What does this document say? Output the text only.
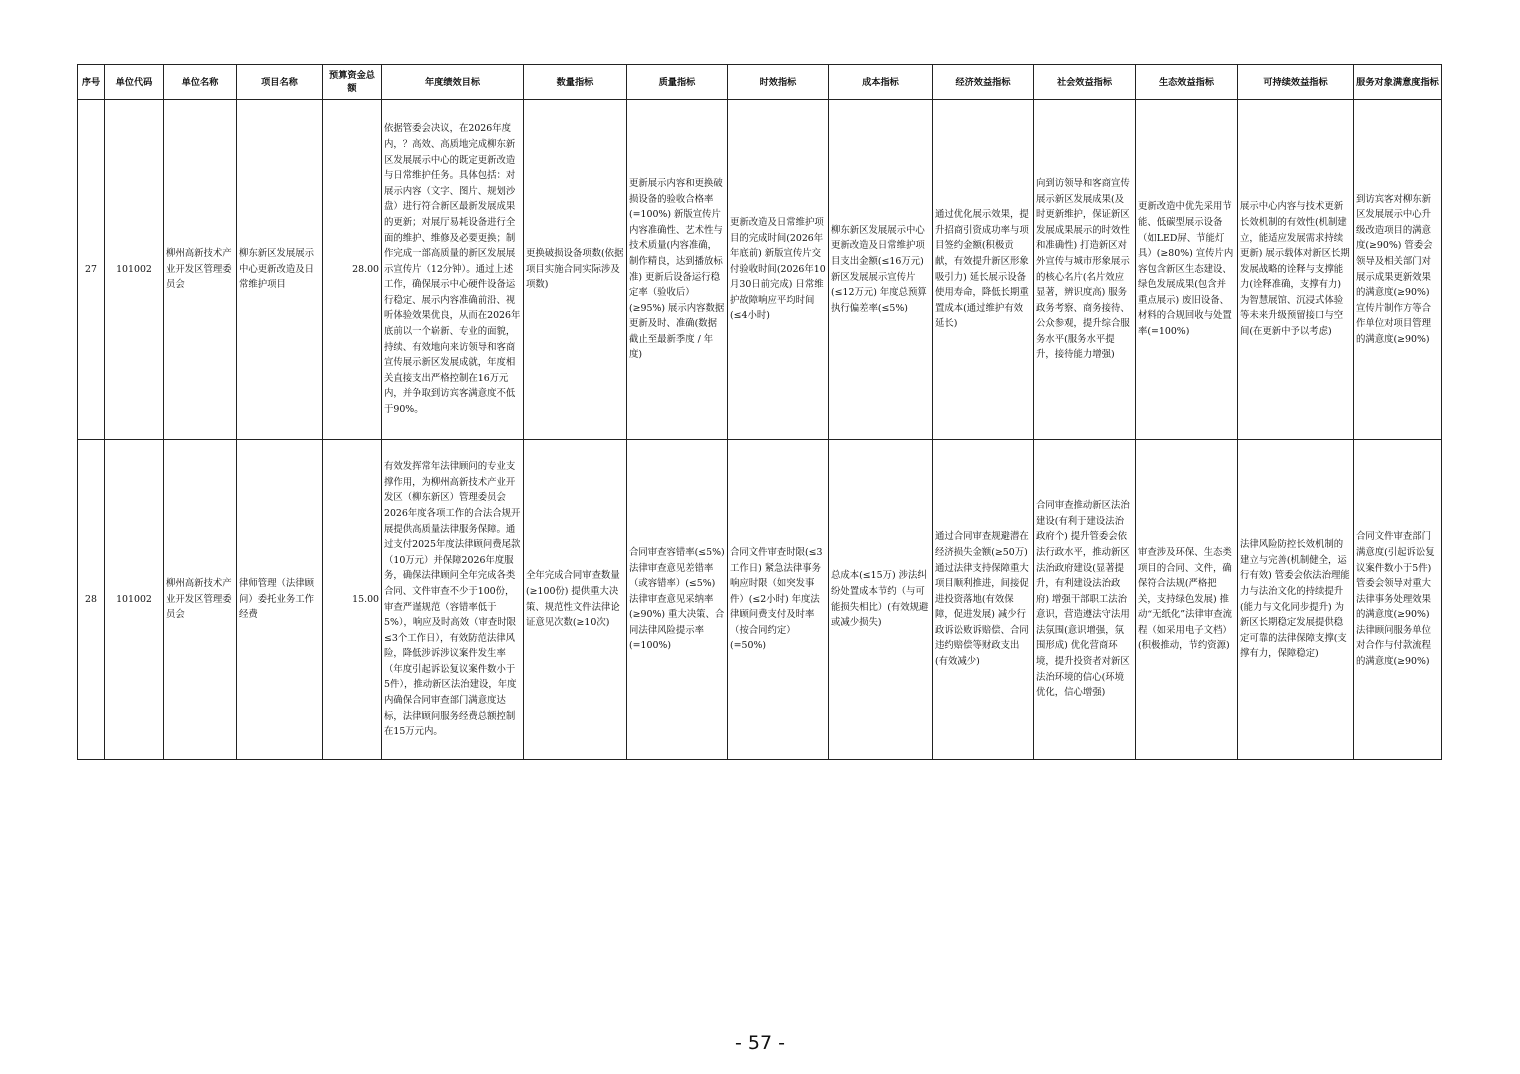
序号	单位代码	单位名称	项目名称	预算资金总额	年度绩效目标	数量指标	质量指标	时效指标	成本指标	经济效益指标	社会效益指标	生态效益指标	可持续效益指标	服务对象满意度指标
27	101002	柳州高新技术产业开发区管理委员会	柳东新区发展展示中心更新改造及日常维护项目	28.00	依据管委会决议，在2026年度内，？高效、高质地完成柳东新区发展展示中心的既定更新改造与日常维护任务。具体包括：对展示内容（文字、图片、规划沙盘）进行符合新区最新发展成果的更新；对展厅易耗设备进行全面的维护、维修及必要更换；制作完成一部高质量的新区发展展示宣传片（12分钟）。通过上述工作，确保展示中心硬件设备运行稳定、展示内容准确前沿、视听体验效果优良，从而在2026年底前以一个崭新、专业的面貌，持续、有效地向来访领导和客商宣传展示新区发展成就，年度相关直接支出严格控制在16万元内，并争取到访宾客满意度不低于90%。	更换破损设备项数(依据项目实施合同实际涉及项数)	更新展示内容和更换破损设备的验收合格率(=100%) 新版宣传片内容准确性、艺术性与技术质量(内容准确，制作精良，达到播放标准) 更新后设备运行稳定率（验收后）(≥95%) 展示内容数据更新及时、准确(数据截止至最新季度 / 年度)	更新改造及日常维护项目的完成时间(2026年年底前) 新版宣传片交付验收时间(2026年10月30日前完成) 日常维护故障响应平均时间(≤4小时)	柳东新区发展展示中心更新改造及日常维护项目支出金额(≤16万元) 新区发展展示宣传片(≤12万元) 年度总预算执行偏差率(≤5%)	通过优化展示效果，提升招商引资成功率与项目签约金额(积极贡献，有效提升新区形象吸引力) 延长展示设备使用寿命，降低长期重置成本(通过维护有效延长)	向到访领导和客商宣传展示新区发展成果(及时更新维护，保证新区发展成果展示的时效性和准确性) 打造新区对外宣传与城市形象展示的核心名片(名片效应显著，辨识度高) 服务政务考察、商务接待、公众参观，提升综合服务水平(服务水平提升，接待能力增强)	更新改造中优先采用节能、低碳型展示设备（如LED屏、节能灯具）(≥80%) 宣传片内容包含新区生态建设、绿色发展成果(包含并重点展示) 废旧设备、材料的合规回收与处置率(=100%)	展示中心内容与技术更新长效机制的有效性(机制建立，能适应发展需求持续更新) 展示载体对新区长期发展战略的诠释与支撑能力(诠释准确，支撑有力) 为智慧展馆、沉浸式体验等未来升级预留接口与空间(在更新中予以考虑)	到访宾客对柳东新区发展展示中心升级改造项目的满意度(≥90%) 管委会领导及相关部门对展示成果更新效果的满意度(≥90%) 宣传片制作方等合作单位对项目管理的满意度(≥90%)
28	101002	柳州高新技术产业开发区管理委员会	律师管理（法律顾问）委托业务工作经费	15.00	有效发挥常年法律顾问的专业支撑作用，为柳州高新技术产业开发区（柳东新区）管理委员会2026年度各项工作的合法合规开展提供高质量法律服务保障。通过支付2025年度法律顾问费尾款（10万元）并保障2026年度服务，确保法律顾问全年完成各类合同、文件审查不少于100份，审查严谨规范（容错率低于5%），响应及时高效（审查时限≤3个工作日），有效防范法律风险，降低涉诉涉议案件发生率（年度引起诉讼复议案件数小于5件），推动新区法治建设，年度内确保合同审查部门满意度达标，法律顾问服务经费总额控制在15万元内。	全年完成合同审查数量(≥100份) 提供重大决策、规范性文件法律论证意见次数(≥10次)	合同审查容错率(≤5%) 法律审查意见差错率（或容错率）(≤5%) 法律审查意见采纳率(≥90%) 重大决策、合同法律风险提示率(=100%)	合同文件审查时限(≤3工作日) 紧急法律事务响应时限（如突发事件）(≤2小时) 年度法律顾问费支付及时率（按合同约定）(=50%)	总成本(≤15万) 涉法纠纷处置成本节约（与可能损失相比）(有效规避或减少损失)	通过合同审查规避潜在经济损失金额(≥50万) 通过法律支持保障重大项目顺利推进，间接促进投资落地(有效保障，促进发展) 减少行政诉讼败诉赔偿、合同违约赔偿等财政支出(有效减少)	合同审查推动新区法治建设(有利于建设法治政府个) 提升管委会依法行政水平，推动新区法治政府建设(显著提升，有利建设法治政府) 增强干部职工法治意识，营造遵法守法用法氛围(意识增强，氛围形成) 优化营商环境，提升投资者对新区法治环境的信心(环境优化，信心增强)	审查涉及环保、生态类项目的合同、文件，确保符合法规(严格把关，支持绿色发展) 推动“无纸化”法律审查流程（如采用电子文档）(积极推动，节约资源)	法律风险防控长效机制的建立与完善(机制健全，运行有效) 管委会依法治理能力与法治文化的持续提升(能力与文化同步提升) 为新区长期稳定发展提供稳定可靠的法律保障支撑(支撑有力，保障稳定)	合同文件审查部门满意度(引起诉讼复议案件数小于5件) 管委会领导对重大法律事务处理效果的满意度(≥90%) 法律顾问服务单位对合作与付款流程的满意度(≥90%)
- 57 -
